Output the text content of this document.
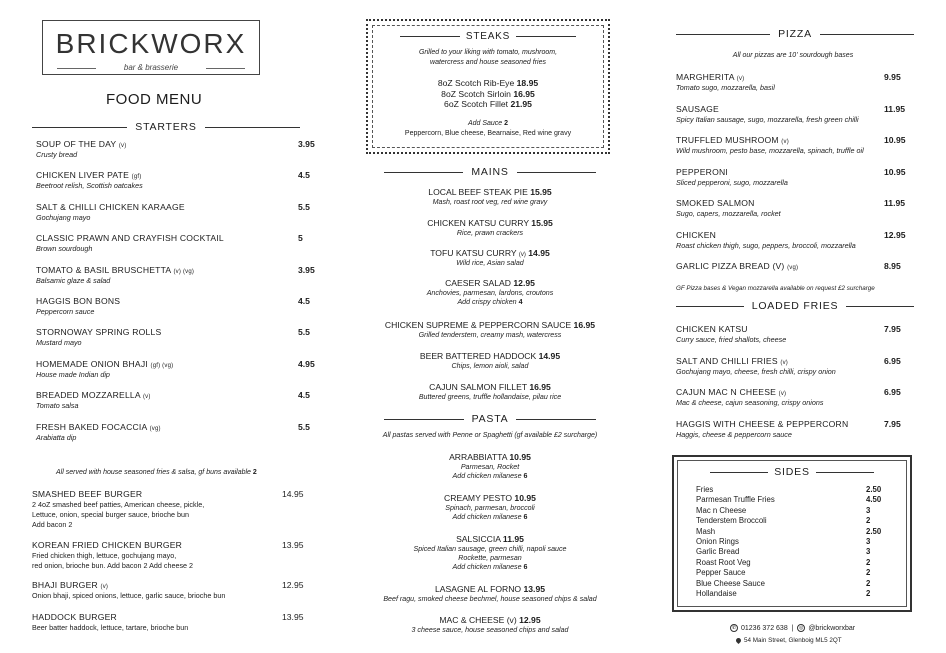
BRICKWORX
bar & brasserie
FOOD MENU
STARTERS
SOUP OF THE DAY (v)
Crusty bread
3.95
CHICKEN LIVER PATE (gf)
Beetroot relish, Scottish oatcakes
4.5
SALT & CHILLI CHICKEN KARAAGE
Gochujang mayo
5.5
CLASSIC PRAWN AND CRAYFISH COCKTAIL
Brown sourdough
5
TOMATO & BASIL BRUSCHETTA (v) (vg)
Balsamic glaze & salad
3.95
HAGGIS BON BONS
Peppercorn sauce
4.5
STORNOWAY SPRING ROLLS
Mustard mayo
5.5
HOMEMADE ONION BHAJI (gf) (vg)
House made Indian dip
4.95
BREADED MOZZARELLA (v)
Tomato salsa
4.5
FRESH BAKED FOCACCIA (vg)
Arabiatta dip
5.5
All served with house seasoned fries & salsa, gf buns available 2
SMASHED BEEF BURGER
2 4oZ smashed beef patties, American cheese, pickle,
Lettuce, onion, special burger sauce, brioche bun
Add bacon 2
14.95
KOREAN FRIED CHICKEN BURGER
Fried chicken thigh, lettuce, gochujang mayo,
red onion, brioche bun. Add bacon 2 Add cheese 2
13.95
BHAJI BURGER (v)
Onion bhaji, spiced onions, lettuce, garlic sauce, brioche bun
12.95
HADDOCK BURGER
Beer batter haddock, lettuce, tartare, brioche bun
13.95
STEAKS
Grilled to your liking with tomato, mushroom,
watercress and house seasoned fries
8oZ Scotch Rib-Eye 18.95
8oZ Scotch Sirloin 16.95
6oZ Scotch Fillet 21.95
Add Sauce 2
Peppercorn, Blue cheese, Bearnaise, Red wine gravy
MAINS
LOCAL BEEF STEAK PIE 15.95
Mash, roast root veg, red wine gravy
CHICKEN KATSU CURRY 15.95
Rice, prawn crackers
TOFU KATSU CURRY (v) 14.95
Wild rice, Asian salad
CAESER SALAD 12.95
Anchovies, parmesan, lardons, croutons
Add crispy chicken 4
CHICKEN SUPREME & PEPPERCORN SAUCE 16.95
Grilled tenderstem, creamy mash, watercress
BEER BATTERED HADDOCK 14.95
Chips, lemon aioli, salad
CAJUN SALMON FILLET 16.95
Buttered greens, truffle hollandaise, pilau rice
PASTA
All pastas served with Penne or Spaghetti (gf available £2 surcharge)
ARRABBIATTA 10.95
Parmesan, Rocket
Add chicken milanese 6
CREAMY PESTO 10.95
Spinach, parmesan, broccoli
Add chicken milanese 6
SALSICCIA 11.95
Spiced Italian sausage, green chilli, napoli sauce
Rockette, parmesan
Add chicken milanese 6
LASAGNE AL FORNO 13.95
Beef ragu, smoked cheese bechmel, house seasoned chips & salad
MAC & CHEESE (v) 12.95
3 cheese sauce, house seasoned chips and salad
PIZZA
All our pizzas are 10' sourdough bases
MARGHERITA (v)
Tomato sugo, mozzarella, basil
9.95
SAUSAGE
Spicy Italian sausage, sugo, mozzarella, fresh green chilli
11.95
TRUFFLED MUSHROOM (v)
Wild mushroom, pesto base, mozzarella, spinach, truffle oil
10.95
PEPPERONI
Sliced pepperoni, sugo, mozzarella
10.95
SMOKED SALMON
Sugo, capers, mozzarella, rocket
11.95
CHICKEN
Roast chicken thigh, sugo, peppers, broccoli, mozzarella
12.95
GARLIC PIZZA BREAD (V) (vg)	8.95
GF Pizza bases & Vegan mozzarella available on request £2 surcharge
LOADED FRIES
CHICKEN KATSU
Curry sauce, fried shallots, cheese
7.95
SALT AND CHILLI FRIES (v)
Gochujang mayo, cheese, fresh chilli, crispy onion
6.95
CAJUN MAC N CHEESE (v)
Mac & cheese, cajun seasoning, crispy onions
6.95
HAGGIS WITH CHEESE & PEPPERCORN
Haggis, cheese & peppercorn sauce
7.95
SIDES
Fries	2.50
Parmesan Truffle Fries	4.50
Mac n Cheese	3
Tenderstem Broccoli	2
Mash	2.50
Onion Rings	3
Garlic Bread	3
Roast Root Veg	2
Pepper Sauce	2
Blue Cheese Sauce	2
Hollandaise	2
✆ 01236 372 638  |  ◎ @brickworxbar
54 Main Street, Glenboig ML5 2QT
